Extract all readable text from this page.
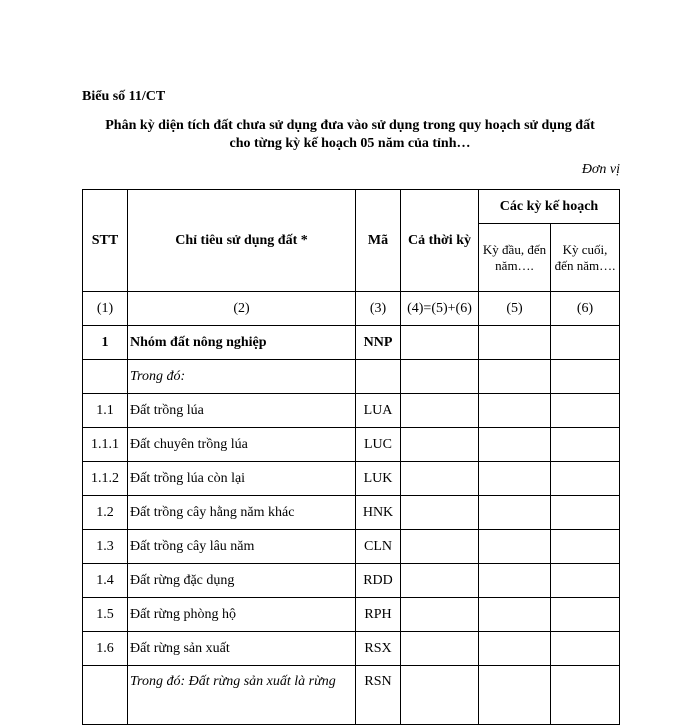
Biểu số 11/CT
Phân kỳ diện tích đất chưa sử dụng đưa vào sử dụng trong quy hoạch sử dụng đất
cho từng kỳ kế hoạch 05 năm của tỉnh…
Đơn vị
STT	Chỉ tiêu sử dụng đất *	Mã	Cả thời kỳ	Các kỳ kế hoạch	
				Kỳ đầu, đến năm….	Kỳ cuối, đến năm….
(1)	(2)	(3)	(4)=(5)+(6)	(5)	(6)
1	Nhóm đất nông nghiệp	NNP			
	Trong đó:				
1.1	Đất trồng lúa	LUA			
1.1.1	Đất chuyên trồng lúa	LUC			
1.1.2	Đất trồng lúa còn lại	LUK			
1.2	Đất trồng cây hằng năm khác	HNK			
1.3	Đất trồng cây lâu năm	CLN			
1.4	Đất rừng đặc dụng	RDD			
1.5	Đất rừng phòng hộ	RPH			
1.6	Đất rừng sản xuất	RSX			
	Trong đó: Đất rừng sản xuất là rừng	RSN			
